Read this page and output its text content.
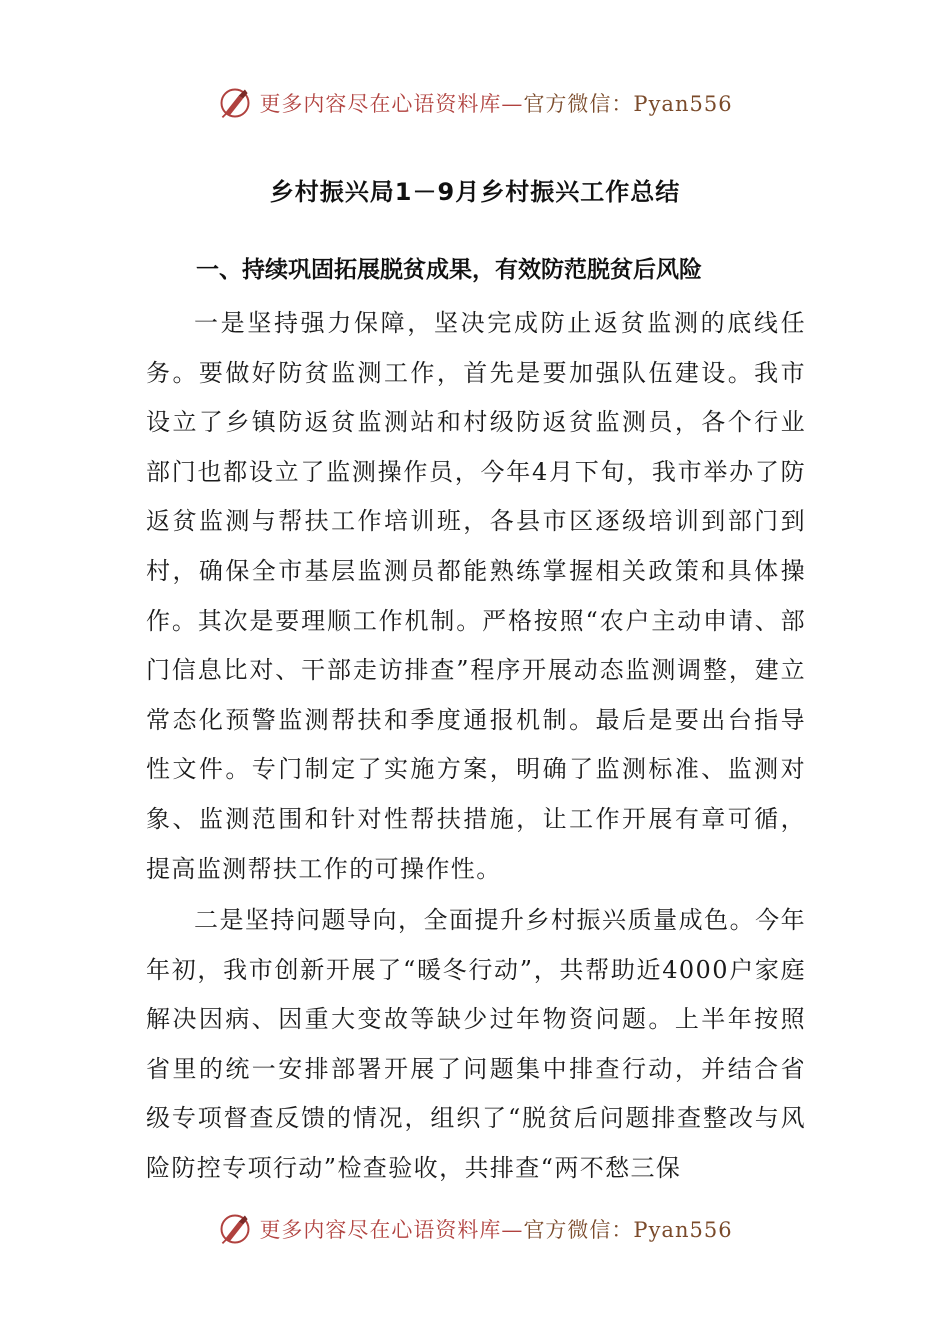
更多内容尽在心语资料库—官方微信：Pyan556
乡村振兴局1－9月乡村振兴工作总结
一、持续巩固拓展脱贫成果，有效防范脱贫后风险

一是坚持强力保障，坚决完成防止返贫监测的底线任务。要做好防贫监测工作，首先是要加强队伍建设。我市设立了乡镇防返贫监测站和村级防返贫监测员，各个行业部门也都设立了监测操作员，今年4月下旬，我市举办了防返贫监测与帮扶工作培训班，各县市区逐级培训到部门到村，确保全市基层监测员都能熟练掌握相关政策和具体操作。其次是要理顺工作机制。严格按照“农户主动申请、部门信息比对、干部走访排查”程序开展动态监测调整，建立常态化预警监测帮扶和季度通报机制。最后是要出台指导性文件。专门制定了实施方案，明确了监测标准、监测对象、监测范围和针对性帮扶措施，让工作开展有章可循，提高监测帮扶工作的可操作性。

二是坚持问题导向，全面提升乡村振兴质量成色。今年年初，我市创新开展了“暖冬行动”，共帮助近4000户家庭解决因病、因重大变故等缺少过年物资问题。上半年按照省里的统一安排部署开展了问题集中排查行动，并结合省级专项督查反馈的情况，组织了“脱贫后问题排查整改与风险防控专项行动”检查验收，共排查“两不愁三保

更多内容尽在心语资料库—官方微信：Pyan556
